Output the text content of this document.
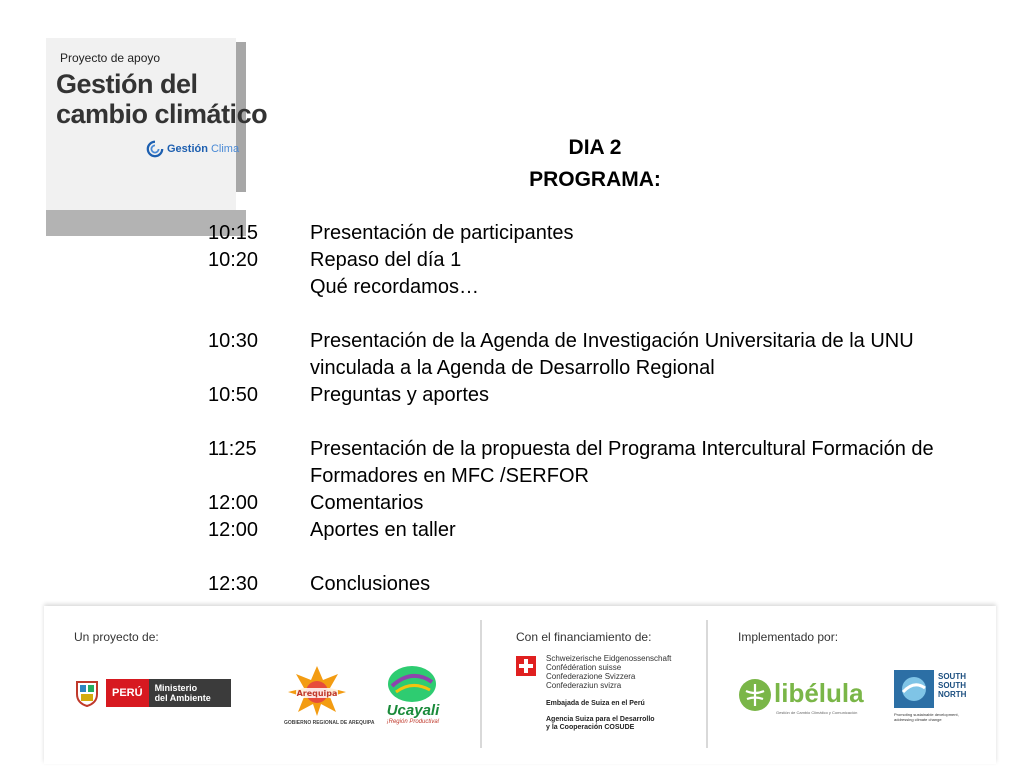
Proyecto de apoyo
Gestión del
cambio climático
Gestión Clima	DIA 2
PROGRAMA:
10:15	Presentación de participantes
10:20	Repaso del día 1
Qué recordamos…
10:30	Presentación de la Agenda de Investigación Universitaria de la UNU vinculada a la Agenda de Desarrollo Regional
10:50	Preguntas y aportes
11:25	Presentación de la propuesta del Programa Intercultural Formación de Formadores en MFC /SERFOR
12:00	Comentarios
12:00	Aportes en taller
12:30	Conclusiones
Un proyecto de:	Con el financiamiento de:	Implementado por:
PERÚ	Ministerio
del Ambiente	Arequipa
GOBIERNO REGIONAL DE AREQUIPA
Ucayali
¡Región Productiva!
Schweizerische Eidgenossenschaft
Confédération suisse
Confederazione Svizzera
Confederaziun svizra
Embajada de Suiza en el Perú
Agencia Suiza para el Desarrollo
y la Cooperación COSUDE
libélula
Gestión de Cambio Climático y Comunicación
SOUTH
SOUTH
NORTH
Promoting sustainable development,
addressing climate change
